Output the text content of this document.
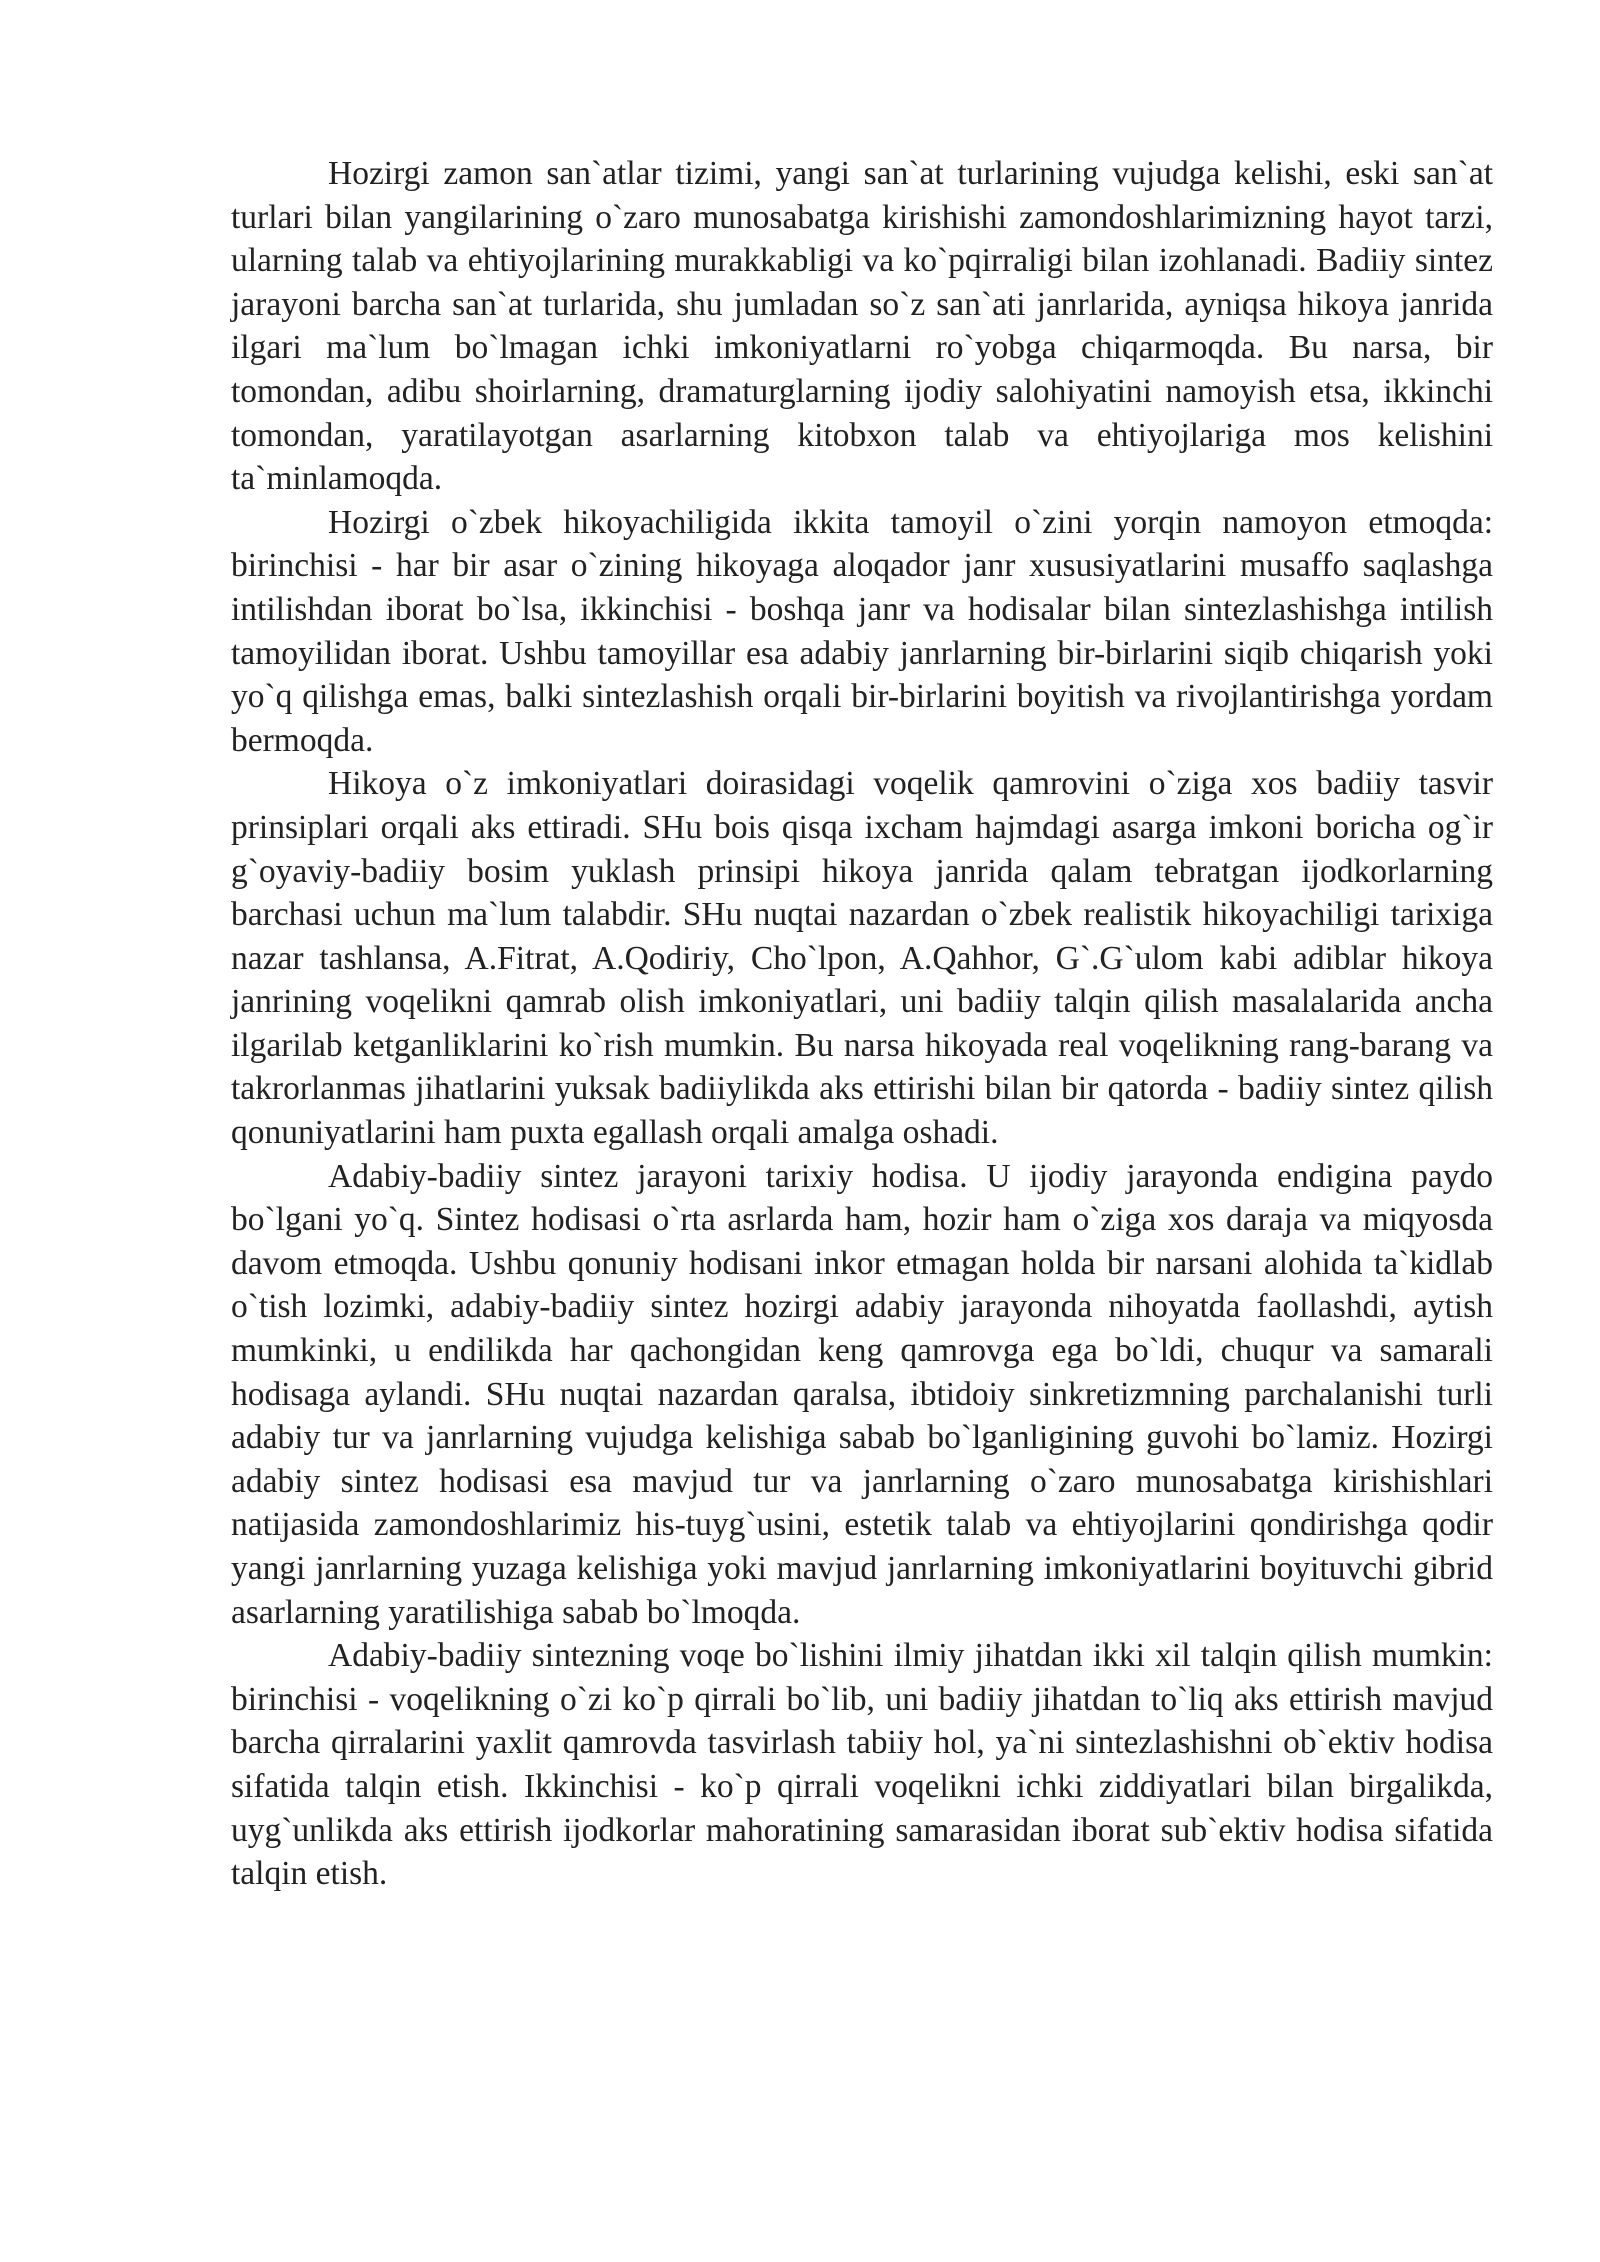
Hozirgi zamon san`atlar tizimi, yangi san`at turlarining vujudga kelishi, eski san`at turlari bilan yangilarining o`zaro munosabatga kirishishi zamondoshlarimizning hayot tarzi, ularning talab va ehtiyojlarining murakkabligi va ko`pqirraligi bilan izohlanadi. Badiiy sintez jarayoni barcha san`at turlarida, shu jumladan so`z san`ati janrlarida, ayniqsa hikoya janrida ilgari ma`lum bo`lmagan ichki imkoniyatlarni ro`yobga chiqarmoqda. Bu narsa, bir tomondan, adibu shoirlarning, dramaturglarning ijodiy salohiyatini namoyish etsa, ikkinchi tomondan, yaratilayotgan asarlarning kitobxon talab va ehtiyojlariga mos kelishini ta`minlamoqda.

Hozirgi o`zbek hikoyachiligida ikkita tamoyil o`zini yorqin namoyon etmoqda: birinchisi - har bir asar o`zining hikoyaga aloqador janr xususiyatlarini musaffo saqlashga intilishdan iborat bo`lsa, ikkinchisi - boshqa janr va hodisalar bilan sintezlashishga intilish tamoyilidan iborat. Ushbu tamoyillar esa adabiy janrlarning bir-birlarini siqib chiqarish yoki yo`q qilishga emas, balki sintezlashish orqali bir-birlarini boyitish va rivojlantirishga yordam bermoqda.

Hikoya o`z imkoniyatlari doirasidagi voqelik qamrovini o`ziga xos badiiy tasvir prinsiplari orqali aks ettiradi. SHu bois qisqa ixcham hajmdagi asarga imkoni boricha og`ir g`oyaviy-badiiy bosim yuklash prinsipi hikoya janrida qalam tebratgan ijodkorlarning barchasi uchun ma`lum talabdir. SHu nuqtai nazardan o`zbek realistik hikoyachiligi tarixiga nazar tashlansa, A.Fitrat, A.Qodiriy, Cho`lpon, A.Qahhor, G`.G`ulom kabi adiblar hikoya janrining voqelikni qamrab olish imkoniyatlari, uni badiiy talqin qilish masalalarida ancha ilgarilab ketganliklarini ko`rish mumkin. Bu narsa hikoyada real voqelikning rang-barang va takrorlanmas jihatlarini yuksak badiiylikda aks ettirishi bilan bir qatorda - badiiy sintez qilish qonuniyatlarini ham puxta egallash orqali amalga oshadi.

Adabiy-badiiy sintez jarayoni tarixiy hodisa. U ijodiy jarayonda endigina paydo bo`lgani yo`q. Sintez hodisasi o`rta asrlarda ham, hozir ham o`ziga xos daraja va miqyosda davom etmoqda. Ushbu qonuniy hodisani inkor etmagan holda bir narsani alohida ta`kidlab o`tish lozimki, adabiy-badiiy sintez hozirgi adabiy jarayonda nihoyatda faollashdi, aytish mumkinki, u endilikda har qachongidan keng qamrovga ega bo`ldi, chuqur va samarali hodisaga aylandi. SHu nuqtai nazardan qaralsa, ibtidoiy sinkretizmning parchalanishi turli adabiy tur va janrlarning vujudga kelishiga sabab bo`lganligining guvohi bo`lamiz. Hozirgi adabiy sintez hodisasi esa mavjud tur va janrlarning o`zaro munosabatga kirishishlari natijasida zamondoshlarimiz his-tuyg`usini, estetik talab va ehtiyojlarini qondirishga qodir yangi janrlarning yuzaga kelishiga yoki mavjud janrlarning imkoniyatlarini boyituvchi gibrid asarlarning yaratilishiga sabab bo`lmoqda.

Adabiy-badiiy sintezning voqe bo`lishini ilmiy jihatdan ikki xil talqin qilish mumkin: birinchisi - voqelikning o`zi ko`p qirrali bo`lib, uni badiiy jihatdan to`liq aks ettirish mavjud barcha qirralarini yaxlit qamrovda tasvirlash tabiiy hol, ya`ni sintezlashishni ob`ektiv hodisa sifatida talqin etish. Ikkinchisi - ko`p qirrali voqelikni ichki ziddiyatlari bilan birgalikda, uyg`unlikda aks ettirish ijodkorlar mahoratining samarasidan iborat sub`ektiv hodisa sifatida talqin etish.
